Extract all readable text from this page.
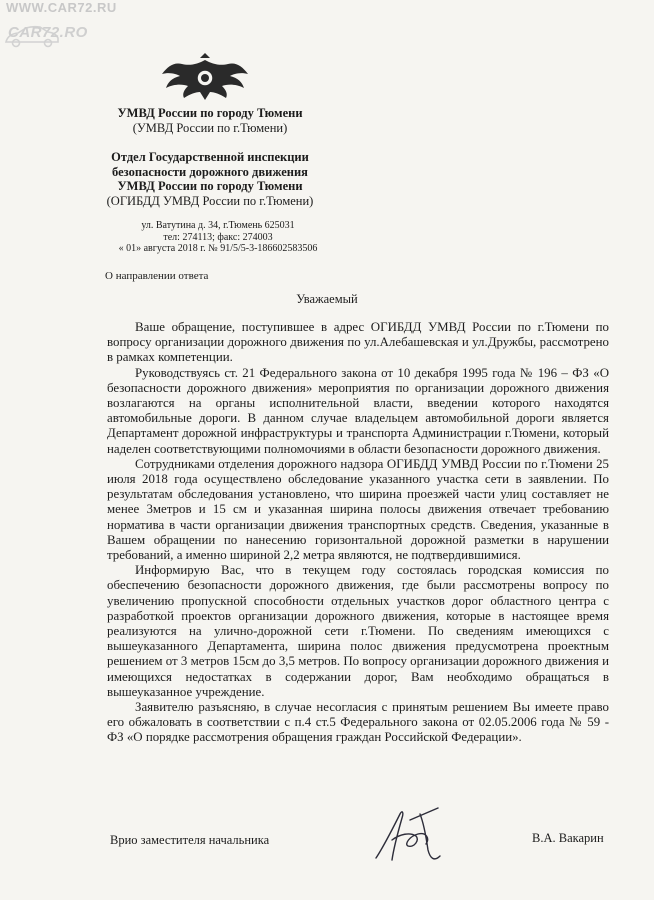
WWW.CAR72.RU
CAR72.RO
УМВД России по городу Тюмени
(УМВД России по г.Тюмени)
Отдел Государственной инспекции
безопасности дорожного движения
УМВД России по городу Тюмени
(ОГИБДД УМВД России по г.Тюмени)
ул. Ватутина д. 34, г.Тюмень 625031
тел: 274113; факс: 274003
« 01» августа 2018 г. № 91/5/5-3-186602583506
О направлении ответа
Уважаемый

Ваше обращение, поступившее в адрес ОГИБДД УМВД России по г.Тюмени по вопросу организации дорожного движения по ул.Алебашевская и ул.Дружбы, рассмотрено в рамках компетенции.

Руководствуясь ст. 21 Федерального закона от 10 декабря 1995 года № 196 – ФЗ «О безопасности дорожного движения» мероприятия по организации дорожного движения возлагаются на органы исполнительной власти, введении которого находятся автомобильные дороги. В данном случае владельцем автомобильной дороги является Департамент дорожной инфраструктуры и транспорта Администрации г.Тюмени, который наделен соответствующими полномочиями в области безопасности дорожного движения.

Сотрудниками отделения дорожного надзора ОГИБДД УМВД России по г.Тюмени 25 июля 2018 года осуществлено обследование указанного участка сети в заявлении. По результатам обследования установлено, что ширина проезжей части улиц составляет не менее 3метров и 15 см и указанная ширина полосы движения отвечает требованию норматива в части организации движения транспортных средств. Сведения, указанные в Вашем обращении по нанесению горизонтальной дорожной разметки в нарушении требований, а именно шириной 2,2 метра являются, не подтвердившимися.

Информирую Вас, что в текущем году состоялась городская комиссия по обеспечению безопасности дорожного движения, где были рассмотрены вопросу по увеличению пропускной способности отдельных участков дорог областного центра с разработкой проектов организации дорожного движения, которые в настоящее время реализуются на улично-дорожной сети г.Тюмени. По сведениям имеющихся с вышеуказанного Департамента, ширина полос движения предусмотрена проектным решением от 3 метров 15см до 3,5 метров. По вопросу организации дорожного движения и имеющихся недостатках в содержании дорог, Вам необходимо обращаться в вышеуказанное учреждение.

Заявителю разъясняю, в случае несогласия с принятым решением Вы имеете право его обжаловать в соответствии с п.4 ст.5 Федерального закона от 02.05.2006 года № 59 - ФЗ «О порядке рассмотрения обращения граждан Российской Федерации».

Врио заместителя начальника	В.А. Вакарин
